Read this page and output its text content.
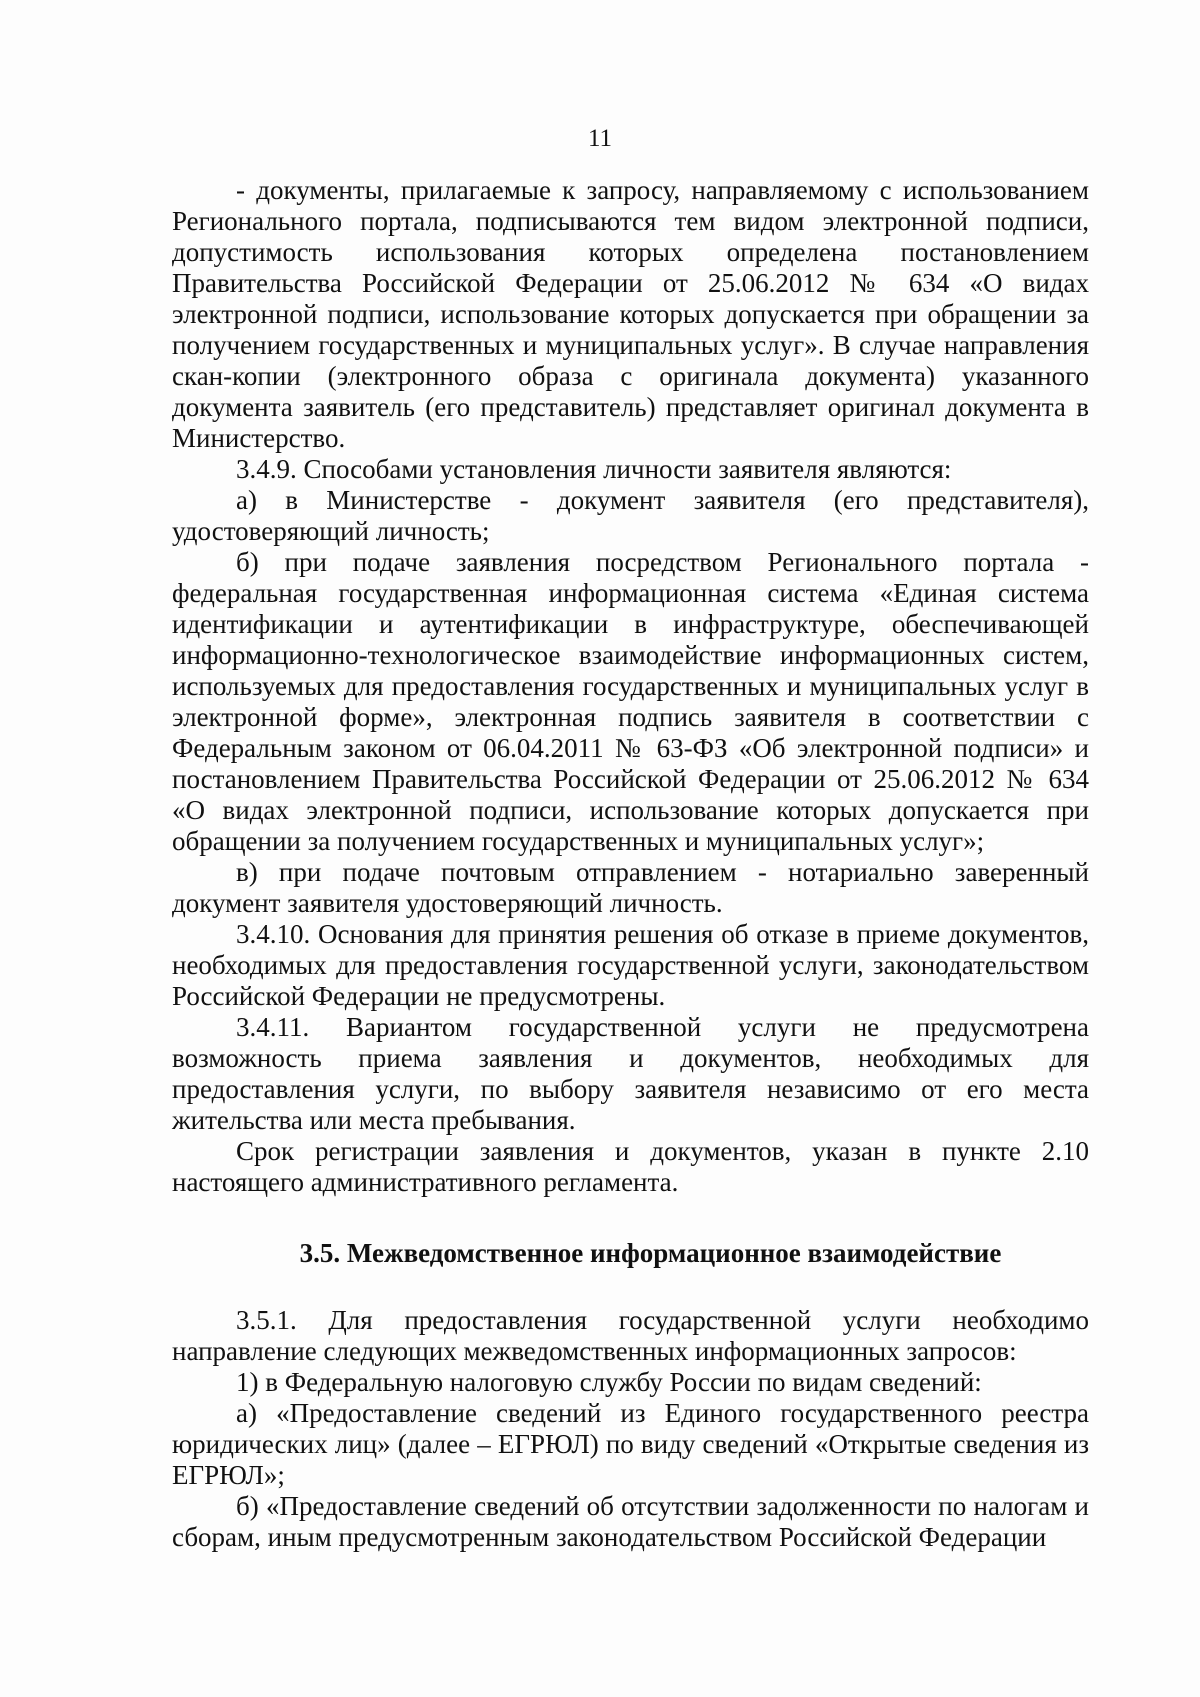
11

- документы, прилагаемые к запросу, направляемому с использованием Регионального портала, подписываются тем видом электронной подписи, допустимость использования которых определена постановлением Правительства Российской Федерации от 25.06.2012 № 634 «О видах электронной подписи, использование которых допускается при обращении за получением государственных и муниципальных услуг». В случае направления скан-копии (электронного образа с оригинала документа) указанного документа заявитель (его представитель) представляет оригинал документа в Министерство.

3.4.9. Способами установления личности заявителя являются:

а) в Министерстве - документ заявителя (его представителя), удостоверяющий личность;

б) при подаче заявления посредством Регионального портала - федеральная государственная информационная система «Единая система идентификации и аутентификации в инфраструктуре, обеспечивающей информационно-технологическое взаимодействие информационных систем, используемых для предоставления государственных и муниципальных услуг в электронной форме», электронная подпись заявителя в соответствии с Федеральным законом от 06.04.2011 № 63-ФЗ «Об электронной подписи» и постановлением Правительства Российской Федерации от 25.06.2012 № 634 «О видах электронной подписи, использование которых допускается при обращении за получением государственных и муниципальных услуг»;

в) при подаче почтовым отправлением - нотариально заверенный документ заявителя удостоверяющий личность.

3.4.10. Основания для принятия решения об отказе в приеме документов, необходимых для предоставления государственной услуги, законодательством Российской Федерации не предусмотрены.

3.4.11. Вариантом государственной услуги не предусмотрена возможность приема заявления и документов, необходимых для предоставления услуги, по выбору заявителя независимо от его места жительства или места пребывания.

Срок регистрации заявления и документов, указан в пункте 2.10 настоящего административного регламента.

3.5. Межведомственное информационное взаимодействие

3.5.1. Для предоставления государственной услуги необходимо направление следующих межведомственных информационных запросов:

1) в Федеральную налоговую службу России по видам сведений:

а) «Предоставление сведений из Единого государственного реестра юридических лиц» (далее – ЕГРЮЛ) по виду сведений «Открытые сведения из ЕГРЮЛ»;

б) «Предоставление сведений об отсутствии задолженности по налогам и сборам, иным предусмотренным законодательством Российской Федерации
